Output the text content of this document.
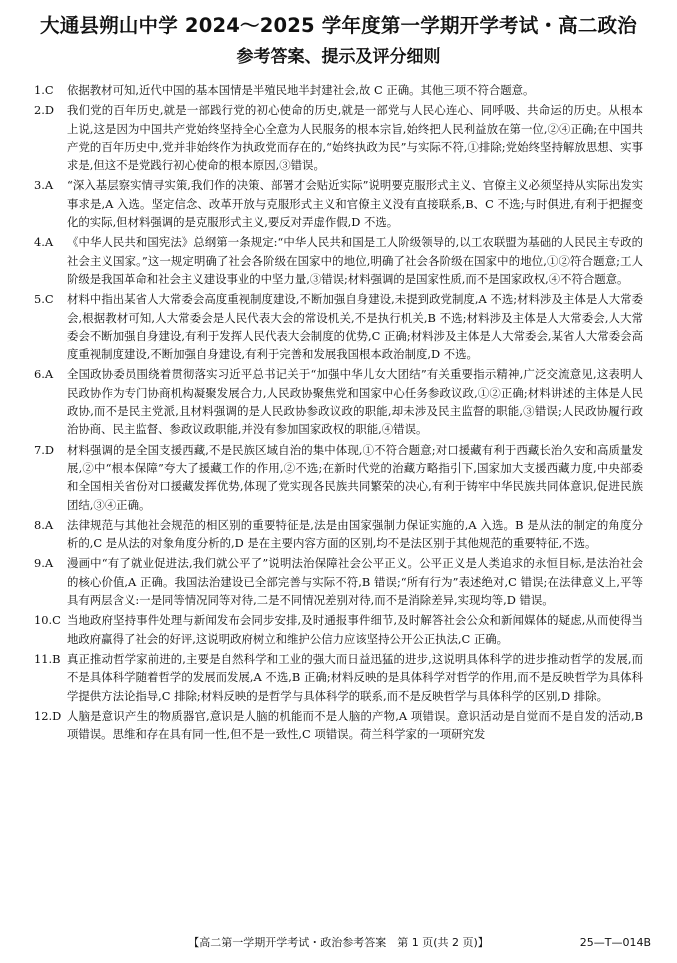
大通县朔山中学 2024～2025 学年度第一学期开学考试・高二政治
参考答案、提示及评分细则
1.C	依据教材可知,近代中国的基本国情是半殖民地半封建社会,故 C 正确。其他三项不符合题意。
2.D	我们党的百年历史,就是一部践行党的初心使命的历史,就是一部党与人民心连心、同呼吸、共命运的历史。从根本上说,这是因为中国共产党始终坚持全心全意为人民服务的根本宗旨,始终把人民利益放在第一位,②④正确;在中国共产党的百年历史中,党并非始终作为执政党而存在的,“始终执政为民”与实际不符,①排除;党始终坚持解放思想、实事求是,但这不是党践行初心使命的根本原因,③错误。
3.A	“深入基层察实情寻实策,我们作的决策、部署才会贴近实际”说明要克服形式主义、官僚主义必须坚持从实际出发实事求是,A 入选。坚定信念、改革开放与克服形式主义和官僚主义没有直接联系,B、C 不选;与时俱进,有利于把握变化的实际,但材料强调的是克服形式主义,要反对弄虚作假,D 不选。
4.A	《中华人民共和国宪法》总纲第一条规定:“中华人民共和国是工人阶级领导的,以工农联盟为基础的人民民主专政的社会主义国家。”这一规定明确了社会各阶级在国家中的地位,明确了社会各阶级在国家中的地位,①②符合题意;工人阶级是我国革命和社会主义建设事业的中坚力量,③错误;材料强调的是国家性质,而不是国家政权,④不符合题意。
5.C	材料中指出某省人大常委会高度重视制度建设,不断加强自身建设,未提到政党制度,A 不选;材料涉及主体是人大常委会,根据教材可知,人大常委会是人民代表大会的常设机关,不是执行机关,B 不选;材料涉及主体是人大常委会,人大常委会不断加强自身建设,有利于发挥人民代表大会制度的优势,C 正确;材料涉及主体是人大常委会,某省人大常委会高度重视制度建设,不断加强自身建设,有利于完善和发展我国根本政治制度,D 不选。
6.A	全国政协委员围绕着贯彻落实习近平总书记关于“加强中华儿女大团结”有关重要指示精神,广泛交流意见,这表明人民政协作为专门协商机构凝聚发展合力,人民政协聚焦党和国家中心任务参政议政,①②正确;材料讲述的主体是人民政协,而不是民主党派,且材料强调的是人民政协参政议政的职能,却未涉及民主监督的职能,③错误;人民政协履行政治协商、民主监督、参政议政职能,并没有参加国家政权的职能,④错误。
7.D	材料强调的是全国支援西藏,不是民族区域自治的集中体现,①不符合题意;对口援藏有利于西藏长治久安和高质量发展,②中“根本保障”夸大了援藏工作的作用,②不选;在新时代党的治藏方略指引下,国家加大支援西藏力度,中央部委和全国相关省份对口援藏发挥优势,体现了党实现各民族共同繁荣的决心,有利于铸牢中华民族共同体意识,促进民族团结,③④正确。
8.A	法律规范与其他社会规范的相区别的重要特征是,法是由国家强制力保证实施的,A 入选。B 是从法的制定的角度分析的,C 是从法的对象角度分析的,D 是在主要内容方面的区别,均不是法区别于其他规范的重要特征,不选。
9.A	漫画中“有了就业促进法,我们就公平了”说明法治保障社会公平正义。公平正义是人类追求的永恒目标,是法治社会的核心价值,A 正确。我国法治建设已全部完善与实际不符,B 错误;“所有行为”表述绝对,C 错误;在法律意义上,平等具有两层含义:一是同等情况同等对待,二是不同情况差别对待,而不是消除差异,实现均等,D 错误。
10.C 当地政府坚持事件处理与新闻发布会同步安排,及时通报事件细节,及时解答社会公众和新闻媒体的疑虑,从而使得当地政府赢得了社会的好评,这说明政府树立和维护公信力应该坚持公开公正执法,C 正确。
11.B 真正推动哲学家前进的,主要是自然科学和工业的强大而日益迅猛的进步,这说明具体科学的进步推动哲学的发展,而不是具体科学随着哲学的发展而发展,A 不选,B 正确;材料反映的是具体科学对哲学的作用,而不是反映哲学为具体科学提供方法论指导,C 排除;材料反映的是哲学与具体科学的联系,而不是反映哲学与具体科学的区别,D 排除。
12.D 人脑是意识产生的物质器官,意识是人脑的机能而不是人脑的产物,A 项错误。意识活动是自觉而不是自发的活动,B 项错误。思维和存在具有同一性,但不是一致性,C 项错误。荷兰科学家的一项研究发
【高二第一学期开学考试・政治参考答案　第 1 页(共 2 页)】	25—T—014B
